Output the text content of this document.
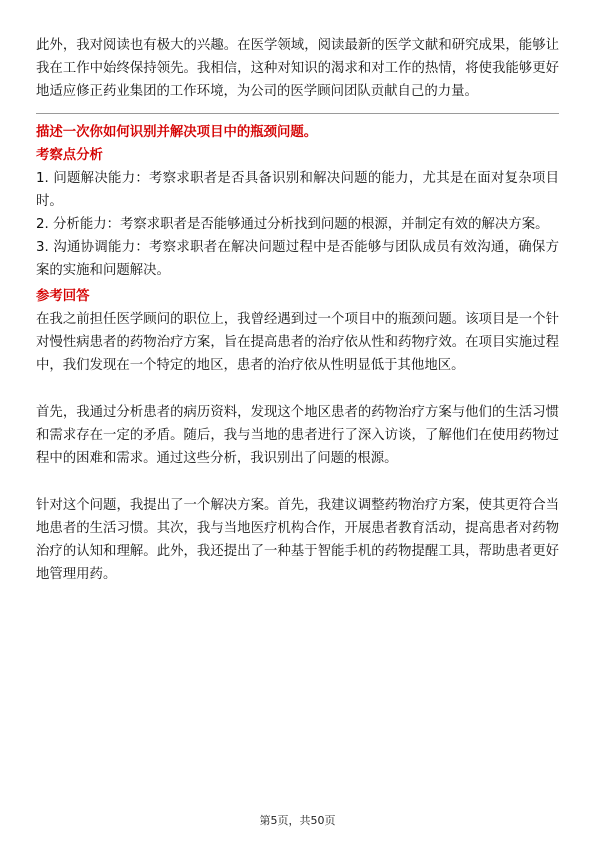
此外，我对阅读也有极大的兴趣。在医学领域，阅读最新的医学文献和研究成果，能够让我在工作中始终保持领先。我相信，这种对知识的渴求和对工作的热情，将使我能够更好地适应修正药业集团的工作环境，为公司的医学顾问团队贡献自己的力量。

描述一次你如何识别并解决项目中的瓶颈问题。

考察点分析

1. 问题解决能力：考察求职者是否具备识别和解决问题的能力，尤其是在面对复杂项目时。

2. 分析能力：考察求职者是否能够通过分析找到问题的根源，并制定有效的解决方案。

3. 沟通协调能力：考察求职者在解决问题过程中是否能够与团队成员有效沟通，确保方案的实施和问题解决。

参考回答

在我之前担任医学顾问的职位上，我曾经遇到过一个项目中的瓶颈问题。该项目是一个针对慢性病患者的药物治疗方案，旨在提高患者的治疗依从性和药物疗效。在项目实施过程中，我们发现在一个特定的地区，患者的治疗依从性明显低于其他地区。

首先，我通过分析患者的病历资料，发现这个地区患者的药物治疗方案与他们的生活习惯和需求存在一定的矛盾。随后，我与当地的患者进行了深入访谈，了解他们在使用药物过程中的困难和需求。通过这些分析，我识别出了问题的根源。

针对这个问题，我提出了一个解决方案。首先，我建议调整药物治疗方案，使其更符合当地患者的生活习惯。其次，我与当地医疗机构合作，开展患者教育活动，提高患者对药物治疗的认知和理解。此外，我还提出了一种基于智能手机的药物提醒工具，帮助患者更好地管理用药。

第5页，共50页
